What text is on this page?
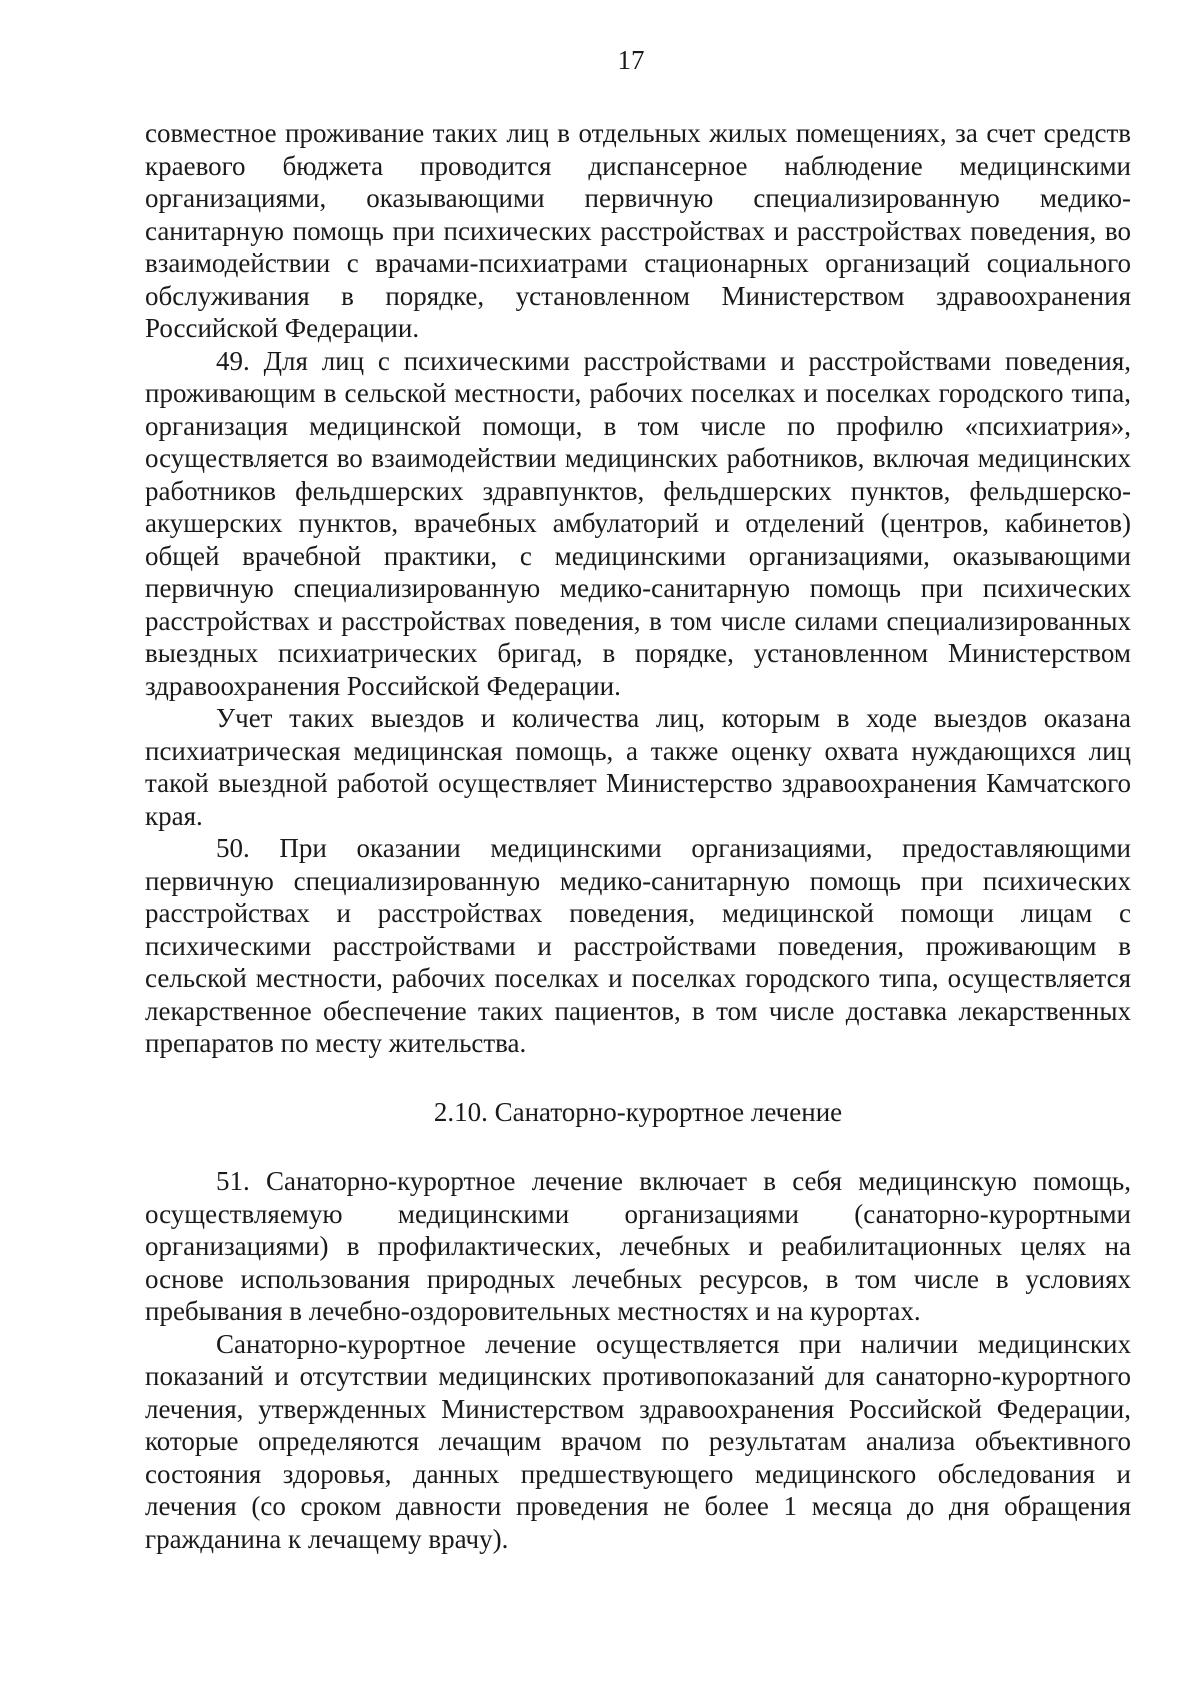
17

совместное проживание таких лиц в отдельных жилых помещениях, за счет средств краевого бюджета проводится диспансерное наблюдение медицинскими организациями, оказывающими первичную специализированную медико-санитарную помощь при психических расстройствах и расстройствах поведения, во взаимодействии с врачами-психиатрами стационарных организаций социального обслуживания в порядке, установленном Министерством здравоохранения Российской Федерации.

49. Для лиц с психическими расстройствами и расстройствами поведения, проживающим в сельской местности, рабочих поселках и поселках городского типа, организация медицинской помощи, в том числе по профилю «психиатрия», осуществляется во взаимодействии медицинских работников, включая медицинских работников фельдшерских здравпунктов, фельдшерских пунктов, фельдшерско-акушерских пунктов, врачебных амбулаторий и отделений (центров, кабинетов) общей врачебной практики, с медицинскими организациями, оказывающими первичную специализированную медико-санитарную помощь при психических расстройствах и расстройствах поведения, в том числе силами специализированных выездных психиатрических бригад, в порядке, установленном Министерством здравоохранения Российской Федерации.

Учет таких выездов и количества лиц, которым в ходе выездов оказана психиатрическая медицинская помощь, а также оценку охвата нуждающихся лиц такой выездной работой осуществляет Министерство здравоохранения Камчатского края.

50. При оказании медицинскими организациями, предоставляющими первичную специализированную медико-санитарную помощь при психических расстройствах и расстройствах поведения, медицинской помощи лицам с психическими расстройствами и расстройствами поведения, проживающим в сельской местности, рабочих поселках и поселках городского типа, осуществляется лекарственное обеспечение таких пациентов, в том числе доставка лекарственных препаратов по месту жительства.

2.10. Санаторно-курортное лечение

51. Санаторно-курортное лечение включает в себя медицинскую помощь, осуществляемую медицинскими организациями (санаторно-курортными организациями) в профилактических, лечебных и реабилитационных целях на основе использования природных лечебных ресурсов, в том числе в условиях пребывания в лечебно-оздоровительных местностях и на курортах.

Санаторно-курортное лечение осуществляется при наличии медицинских показаний и отсутствии медицинских противопоказаний для санаторно-курортного лечения, утвержденных Министерством здравоохранения Российской Федерации, которые определяются лечащим врачом по результатам анализа объективного состояния здоровья, данных предшествующего медицинского обследования и лечения (со сроком давности проведения не более 1 месяца до дня обращения гражданина к лечащему врачу).
